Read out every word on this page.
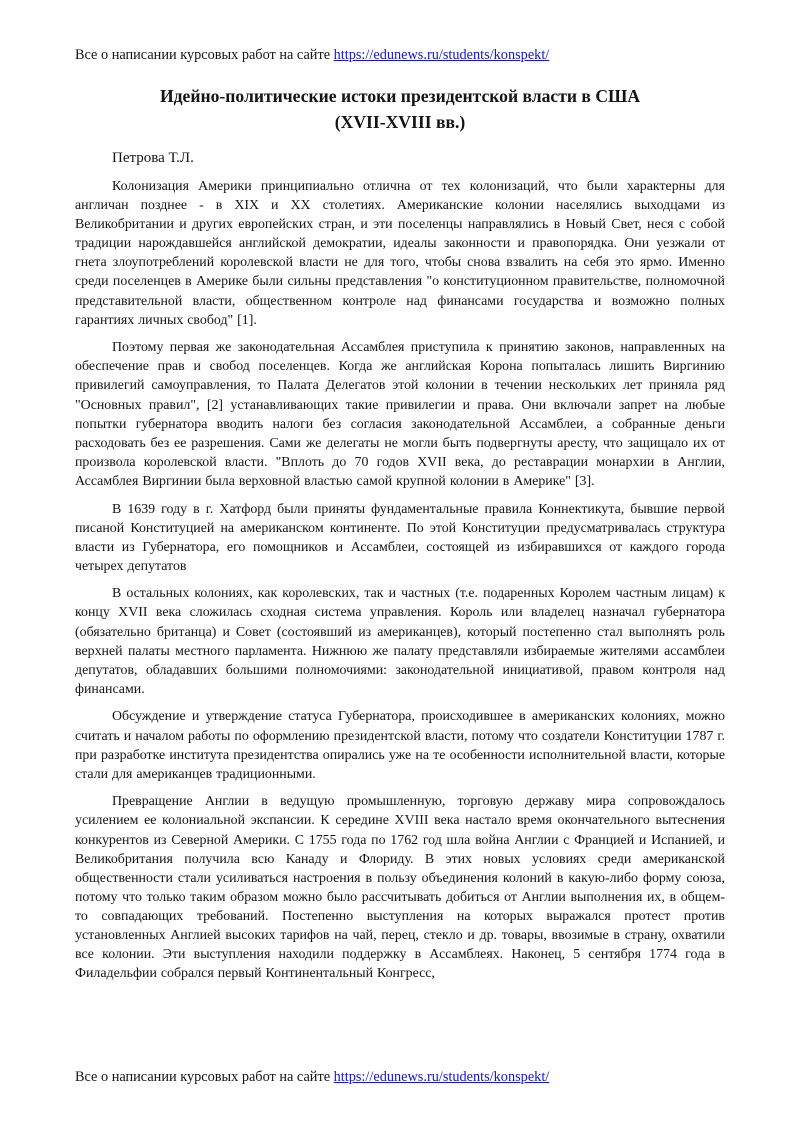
Все о написании курсовых работ на сайте https://edunews.ru/students/konspekt/

Идейно-политические истоки президентской власти в США
(XVII-XVIII вв.)

Петрова Т.Л.

Колонизация Америки принципиально отлична от тех колонизаций, что были характерны для англичан позднее - в XIX и XX столетиях. Американские колонии населялись выходцами из Великобритании и других европейских стран, и эти поселенцы направлялись в Новый Свет, неся с собой традиции нарождавшейся английской демократии, идеалы законности и правопорядка. Они уезжали от гнета злоупотреблений королевской власти не для того, чтобы снова взвалить на себя это ярмо. Именно среди поселенцев в Америке были сильны представления "о конституционном правительстве, полномочной представительной власти, общественном контроле над финансами государства и возможно полных гарантиях личных свобод" [1].

Поэтому первая же законодательная Ассамблея приступила к принятию законов, направленных на обеспечение прав и свобод поселенцев. Когда же английская Корона попыталась лишить Виргинию привилегий самоуправления, то Палата Делегатов этой колонии в течении нескольких лет приняла ряд "Основных правил", [2] устанавливающих такие привилегии и права. Они включали запрет на любые попытки губернатора вводить налоги без согласия законодательной Ассамблеи, а собранные деньги расходовать без ее разрешения. Сами же делегаты не могли быть подвергнуты аресту, что защищало их от произвола королевской власти. "Вплоть до 70 годов XVII века, до реставрации монархии в Англии, Ассамблея Виргинии была верховной властью самой крупной колонии в Америке" [3].

В 1639 году в г. Хатфорд были приняты фундаментальные правила Коннектикута, бывшие первой писаной Конституцией на американском континенте. По этой Конституции предусматривалась структура власти из Губернатора, его помощников и Ассамблеи, состоящей из избиравшихся от каждого города четырех депутатов

В остальных колониях, как королевских, так и частных (т.е. подаренных Королем частным лицам) к концу XVII века сложилась сходная система управления. Король или владелец назначал губернатора (обязательно британца) и Совет (состоявший из американцев), который постепенно стал выполнять роль верхней палаты местного парламента. Нижнюю же палату представляли избираемые жителями ассамблеи депутатов, обладавших большими полномочиями: законодательной инициативой, правом контроля над финансами.

Обсуждение и утверждение статуса Губернатора, происходившее в американских колониях, можно считать и началом работы по оформлению президентской власти, потому что создатели Конституции 1787 г. при разработке института президентства опирались уже на те особенности исполнительной власти, которые стали для американцев традиционными.

Превращение Англии в ведущую промышленную, торговую державу мира сопровождалось усилением ее колониальной экспансии. К середине XVIII века настало время окончательного вытеснения конкурентов из Северной Америки. С 1755 года по 1762 год шла война Англии с Францией и Испанией, и Великобритания получила всю Канаду и Флориду. В этих новых условиях среди американской общественности стали усиливаться настроения в пользу объединения колоний в какую-либо форму союза, потому что только таким образом можно было рассчитывать добиться от Англии выполнения их, в общем-то совпадающих требований. Постепенно выступления на которых выражался протест против установленных Англией высоких тарифов на чай, перец, стекло и др. товары, ввозимые в страну, охватили все колонии. Эти выступления находили поддержку в Ассамблеях. Наконец, 5 сентября 1774 года в Филадельфии собрался первый Континентальный Конгресс,

Все о написании курсовых работ на сайте https://edunews.ru/students/konspekt/
